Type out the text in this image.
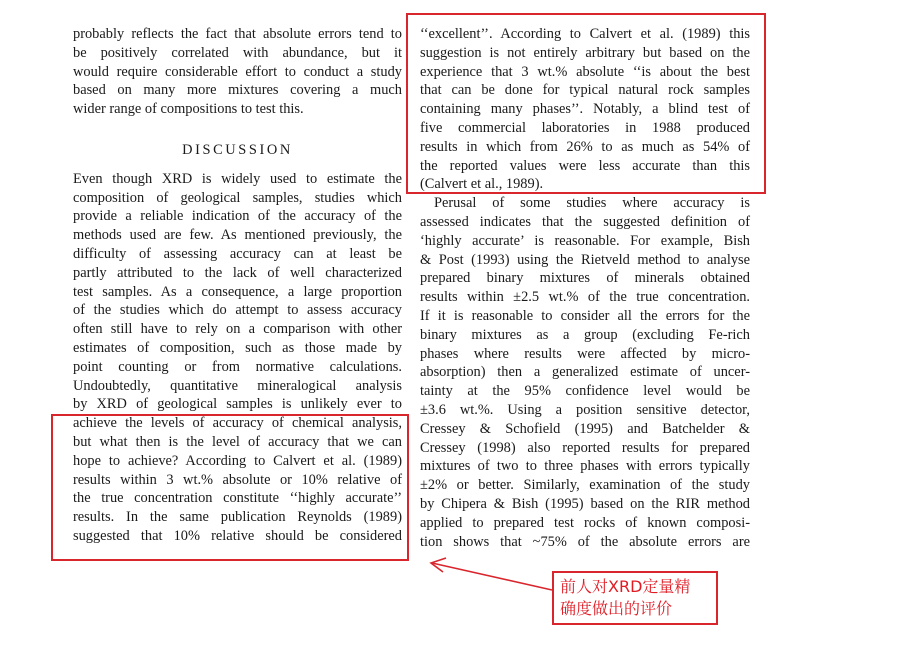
probably reflects the fact that absolute errors tend to
be positively correlated with abundance, but it
would require considerable effort to conduct a study
based on many more mixtures covering a much
wider range of compositions to test this.

DISCUSSION

Even though XRD is widely used to estimate the
composition of geological samples, studies which
provide a reliable indication of the accuracy of the
methods used are few. As mentioned previously, the
difficulty of assessing accuracy can at least be
partly attributed to the lack of well characterized
test samples. As a consequence, a large proportion
of the studies which do attempt to assess accuracy
often still have to rely on a comparison with other
estimates of composition, such as those made by
point counting or from normative calculations.
Undoubtedly, quantitative mineralogical analysis
by XRD of geological samples is unlikely ever to
achieve the levels of accuracy of chemical analysis,
but what then is the level of accuracy that we can
hope to achieve? According to Calvert et al. (1989)
results within 3 wt.% absolute or 10% relative of
the true concentration constitute ‘‘highly accurate’’
results. In the same publication Reynolds (1989)
suggested that 10% relative should be considered

‘‘excellent’’. According to Calvert et al. (1989) this
suggestion is not entirely arbitrary but based on the
experience that 3 wt.% absolute ‘‘is about the best
that can be done for typical natural rock samples
containing many phases’’. Notably, a blind test of
five commercial laboratories in 1988 produced
results in which from 26% to as much as 54% of
the reported values were less accurate than this
(Calvert et al., 1989).

Perusal of some studies where accuracy is
assessed indicates that the suggested definition of
‘highly accurate’ is reasonable. For example, Bish
& Post (1993) using the Rietveld method to analyse
prepared binary mixtures of minerals obtained
results within ±2.5 wt.% of the true concentration.
If it is reasonable to consider all the errors for the
binary mixtures as a group (excluding Fe-rich
phases where results were affected by micro-
absorption) then a generalized estimate of uncer-
tainty at the 95% confidence level would be
±3.6 wt.%. Using a position sensitive detector,
Cressey & Schofield (1995) and Batchelder &
Cressey (1998) also reported results for prepared
mixtures of two to three phases with errors typically
±2% or better. Similarly, examination of the study
by Chipera & Bish (1995) based on the RIR method
applied to prepared test rocks of known composi-
tion shows that ~75% of the absolute errors are

前人对XRD定量精
确度做出的评价
